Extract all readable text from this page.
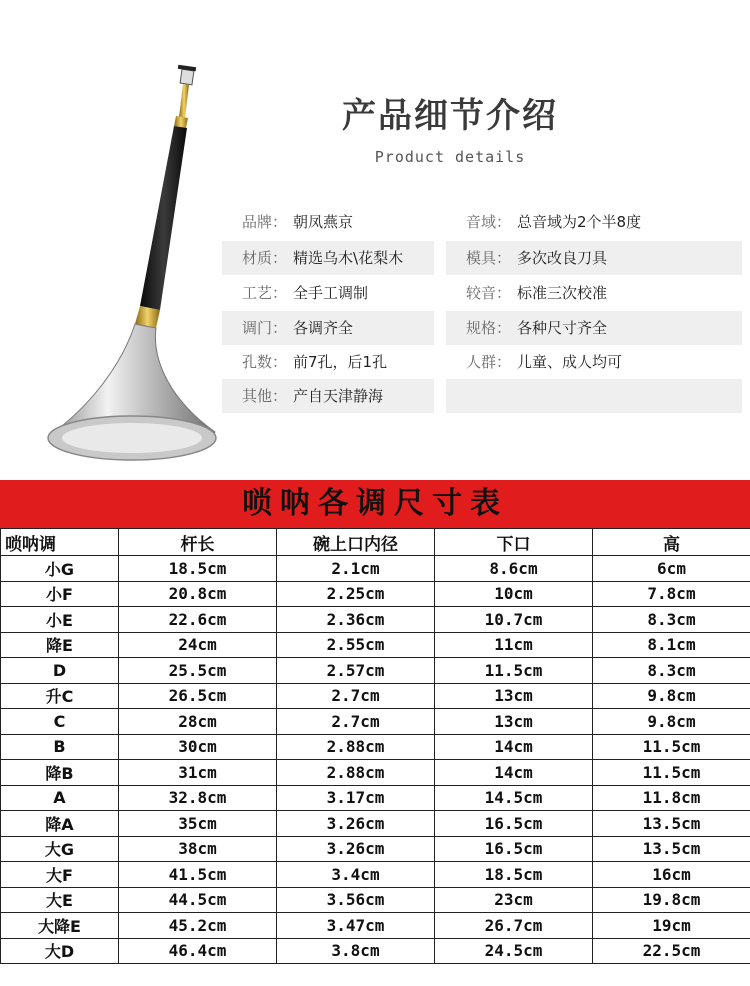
产品细节介绍
Product details
品牌： 朝凤燕京
材质： 精选乌木\花梨木
工艺： 全手工调制
调门： 各调齐全
孔数： 前7孔，后1孔
其他： 产自天津静海
音域： 总音域为2个半8度
模具： 多次改良刀具
较音： 标准三次校准
规格： 各种尺寸齐全
人群： 儿童、成人均可
唢呐各调尺寸表
唢呐调	杆长	碗上口内径	下口	高
小G	18.5cm	2.1cm	8.6cm	6cm
小F	20.8cm	2.25cm	10cm	7.8cm
小E	22.6cm	2.36cm	10.7cm	8.3cm
降E	24cm	2.55cm	11cm	8.1cm
D	25.5cm	2.57cm	11.5cm	8.3cm
升C	26.5cm	2.7cm	13cm	9.8cm
C	28cm	2.7cm	13cm	9.8cm
B	30cm	2.88cm	14cm	11.5cm
降B	31cm	2.88cm	14cm	11.5cm
A	32.8cm	3.17cm	14.5cm	11.8cm
降A	35cm	3.26cm	16.5cm	13.5cm
大G	38cm	3.26cm	16.5cm	13.5cm
大F	41.5cm	3.4cm	18.5cm	16cm
大E	44.5cm	3.56cm	23cm	19.8cm
大降E	45.2cm	3.47cm	26.7cm	19cm
大D	46.4cm	3.8cm	24.5cm	22.5cm
